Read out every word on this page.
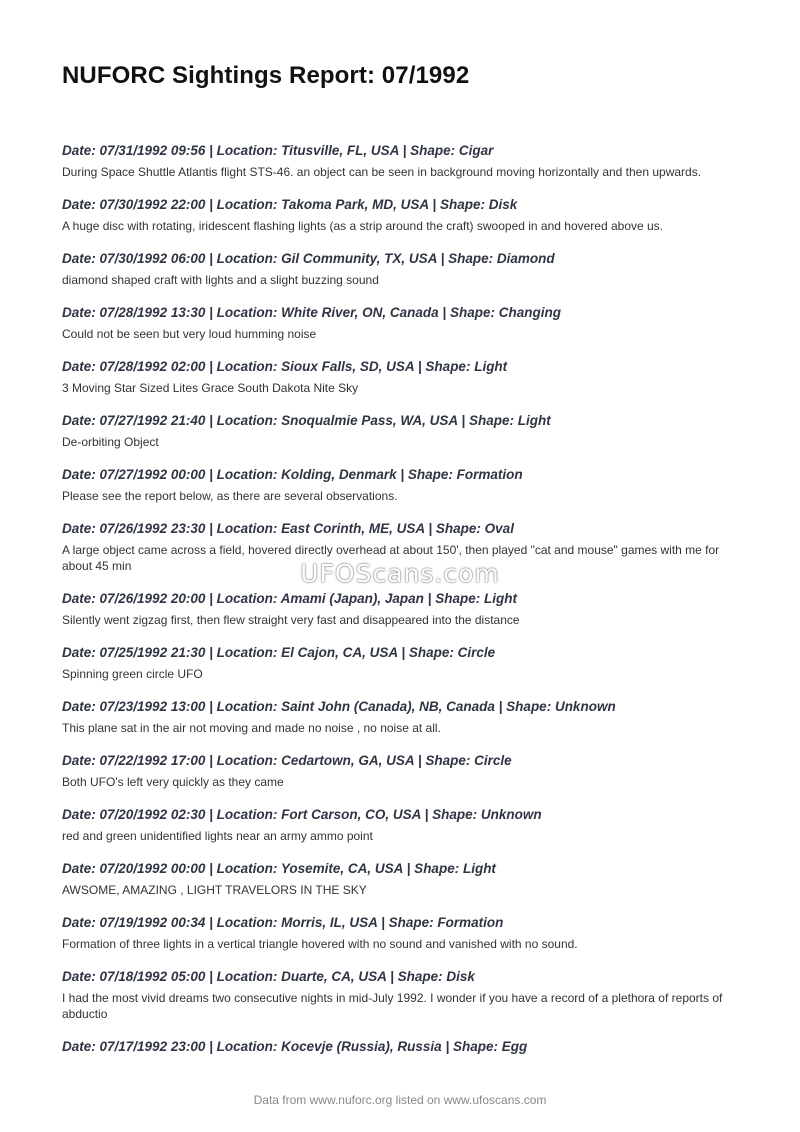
NUFORC Sightings Report: 07/1992
Date: 07/31/1992 09:56 | Location: Titusville, FL, USA | Shape: Cigar
During Space Shuttle Atlantis flight STS-46. an object can be seen in background moving horizontally and then upwards.
Date: 07/30/1992 22:00 | Location: Takoma Park, MD, USA | Shape: Disk
A huge disc with rotating, iridescent flashing lights (as a strip around the craft) swooped in and hovered above us.
Date: 07/30/1992 06:00 | Location: Gil Community, TX, USA | Shape: Diamond
diamond shaped craft with lights and a slight buzzing sound
Date: 07/28/1992 13:30 | Location: White River, ON, Canada | Shape: Changing
Could not be seen but very loud humming noise
Date: 07/28/1992 02:00 | Location: Sioux Falls, SD, USA | Shape: Light
3 Moving Star Sized Lites Grace South Dakota Nite Sky
Date: 07/27/1992 21:40 | Location: Snoqualmie Pass, WA, USA | Shape: Light
De-orbiting Object
Date: 07/27/1992 00:00 | Location: Kolding, Denmark | Shape: Formation
Please see the report below, as there are several observations.
Date: 07/26/1992 23:30 | Location: East Corinth, ME, USA | Shape: Oval
A large object came across a field, hovered directly overhead at about 150', then played "cat and mouse" games with me for about 45 min
Date: 07/26/1992 20:00 | Location: Amami (Japan), Japan | Shape: Light
Silently went zigzag first, then flew straight very fast and disappeared into the distance
Date: 07/25/1992 21:30 | Location: El Cajon, CA, USA | Shape: Circle
Spinning green circle UFO
Date: 07/23/1992 13:00 | Location: Saint John (Canada), NB, Canada | Shape: Unknown
This plane sat in the air not moving and made no noise , no noise at all.
Date: 07/22/1992 17:00 | Location: Cedartown, GA, USA | Shape: Circle
Both UFO's left very quickly as they came
Date: 07/20/1992 02:30 | Location: Fort Carson, CO, USA | Shape: Unknown
red and green unidentified lights near an army ammo point
Date: 07/20/1992 00:00 | Location: Yosemite, CA, USA | Shape: Light
AWSOME, AMAZING , LIGHT TRAVELORS IN THE SKY
Date: 07/19/1992 00:34 | Location: Morris, IL, USA | Shape: Formation
Formation of three lights in a vertical triangle hovered with no sound and vanished with no sound.
Date: 07/18/1992 05:00 | Location: Duarte, CA, USA | Shape: Disk
I had the most vivid dreams two consecutive nights in mid-July 1992. I wonder if you have a record of a plethora of reports of abductio
Date: 07/17/1992 23:00 | Location: Kocevje (Russia), Russia | Shape: Egg
UFOScans.com
Data from www.nuforc.org listed on www.ufoscans.com
